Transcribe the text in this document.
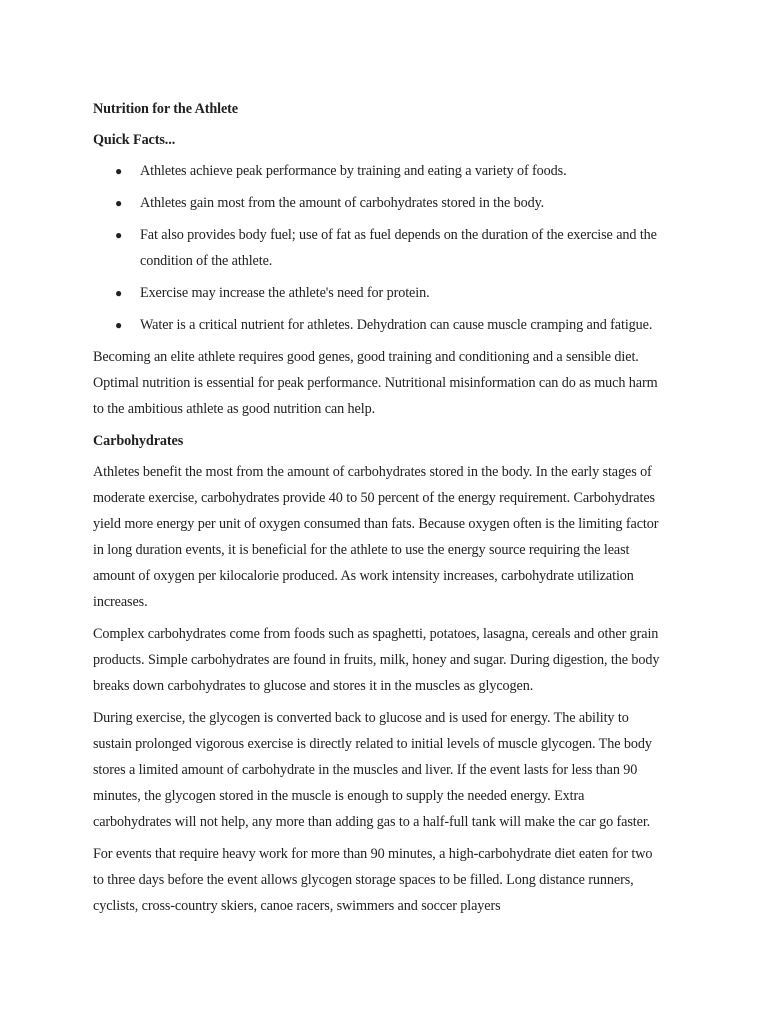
Nutrition for the Athlete

Quick Facts...

● Athletes achieve peak performance by training and eating a variety of foods.
● Athletes gain most from the amount of carbohydrates stored in the body.
● Fat also provides body fuel; use of fat as fuel depends on the duration of the exercise and the condition of the athlete.
● Exercise may increase the athlete's need for protein.
● Water is a critical nutrient for athletes. Dehydration can cause muscle cramping and fatigue.

Becoming an elite athlete requires good genes, good training and conditioning and a sensible diet. Optimal nutrition is essential for peak performance. Nutritional misinformation can do as much harm to the ambitious athlete as good nutrition can help.

Carbohydrates

Athletes benefit the most from the amount of carbohydrates stored in the body. In the early stages of moderate exercise, carbohydrates provide 40 to 50 percent of the energy requirement. Carbohydrates yield more energy per unit of oxygen consumed than fats. Because oxygen often is the limiting factor in long duration events, it is beneficial for the athlete to use the energy source requiring the least amount of oxygen per kilocalorie produced. As work intensity increases, carbohydrate utilization increases.

Complex carbohydrates come from foods such as spaghetti, potatoes, lasagna, cereals and other grain products. Simple carbohydrates are found in fruits, milk, honey and sugar. During digestion, the body breaks down carbohydrates to glucose and stores it in the muscles as glycogen.

During exercise, the glycogen is converted back to glucose and is used for energy. The ability to sustain prolonged vigorous exercise is directly related to initial levels of muscle glycogen. The body stores a limited amount of carbohydrate in the muscles and liver. If the event lasts for less than 90 minutes, the glycogen stored in the muscle is enough to supply the needed energy. Extra carbohydrates will not help, any more than adding gas to a half-full tank will make the car go faster.

For events that require heavy work for more than 90 minutes, a high-carbohydrate diet eaten for two to three days before the event allows glycogen storage spaces to be filled. Long distance runners, cyclists, cross-country skiers, canoe racers, swimmers and soccer players
